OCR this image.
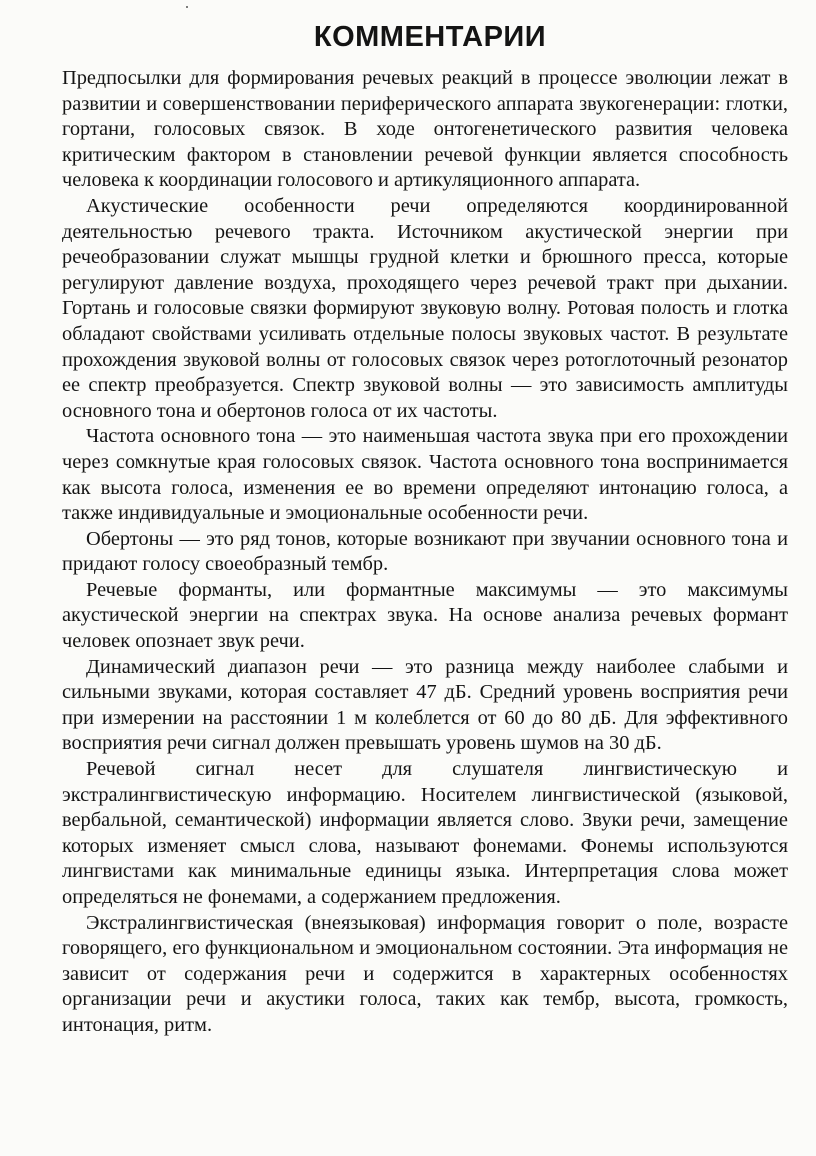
КОММЕНТАРИИ

Предпосылки для формирования речевых реакций в процессе эволюции лежат в развитии и совершенствовании периферического аппарата звукогенерации: глотки, гортани, голосовых связок. В ходе онтогенетического развития человека критическим фактором в становлении речевой функции является способность человека к координации голосового и артикуляционного аппарата.

Акустические особенности речи определяются координированной деятельностью речевого тракта. Источником акустической энергии при речеобразовании служат мышцы грудной клетки и брюшного пресса, которые регулируют давление воздуха, проходящего через речевой тракт при дыхании. Гортань и голосовые связки формируют звуковую волну. Ротовая полость и глотка обладают свойствами усиливать отдельные полосы звуковых частот. В результате прохождения звуковой волны от голосовых связок через ротоглоточный резонатор ее спектр преобразуется. Спектр звуковой волны — это зависимость амплитуды основного тона и обертонов голоса от их частоты.

Частота основного тона — это наименьшая частота звука при его прохождении через сомкнутые края голосовых связок. Частота основного тона воспринимается как высота голоса, изменения ее во времени определяют интонацию голоса, а также индивидуальные и эмоциональные особенности речи.

Обертоны — это ряд тонов, которые возникают при звучании основного тона и придают голосу своеобразный тембр.

Речевые форманты, или формантные максимумы — это максимумы акустической энергии на спектрах звука. На основе анализа речевых формант человек опознает звук речи.

Динамический диапазон речи — это разница между наиболее слабыми и сильными звуками, которая составляет 47 дБ. Средний уровень восприятия речи при измерении на расстоянии 1 м колеблется от 60 до 80 дБ. Для эффективного восприятия речи сигнал должен превышать уровень шумов на 30 дБ.

Речевой сигнал несет для слушателя лингвистическую и экстралингвистическую информацию. Носителем лингвистической (языковой, вербальной, семантической) информации является слово. Звуки речи, замещение которых изменяет смысл слова, называют фонемами. Фонемы используются лингвистами как минимальные единицы языка. Интерпретация слова может определяться не фонемами, а содержанием предложения.

Экстралингвистическая (внеязыковая) информация говорит о поле, возрасте говорящего, его функциональном и эмоциональном состоянии. Эта информация не зависит от содержания речи и содержится в характерных особенностях организации речи и акустики голоса, таких как тембр, высота, громкость, интонация, ритм.
